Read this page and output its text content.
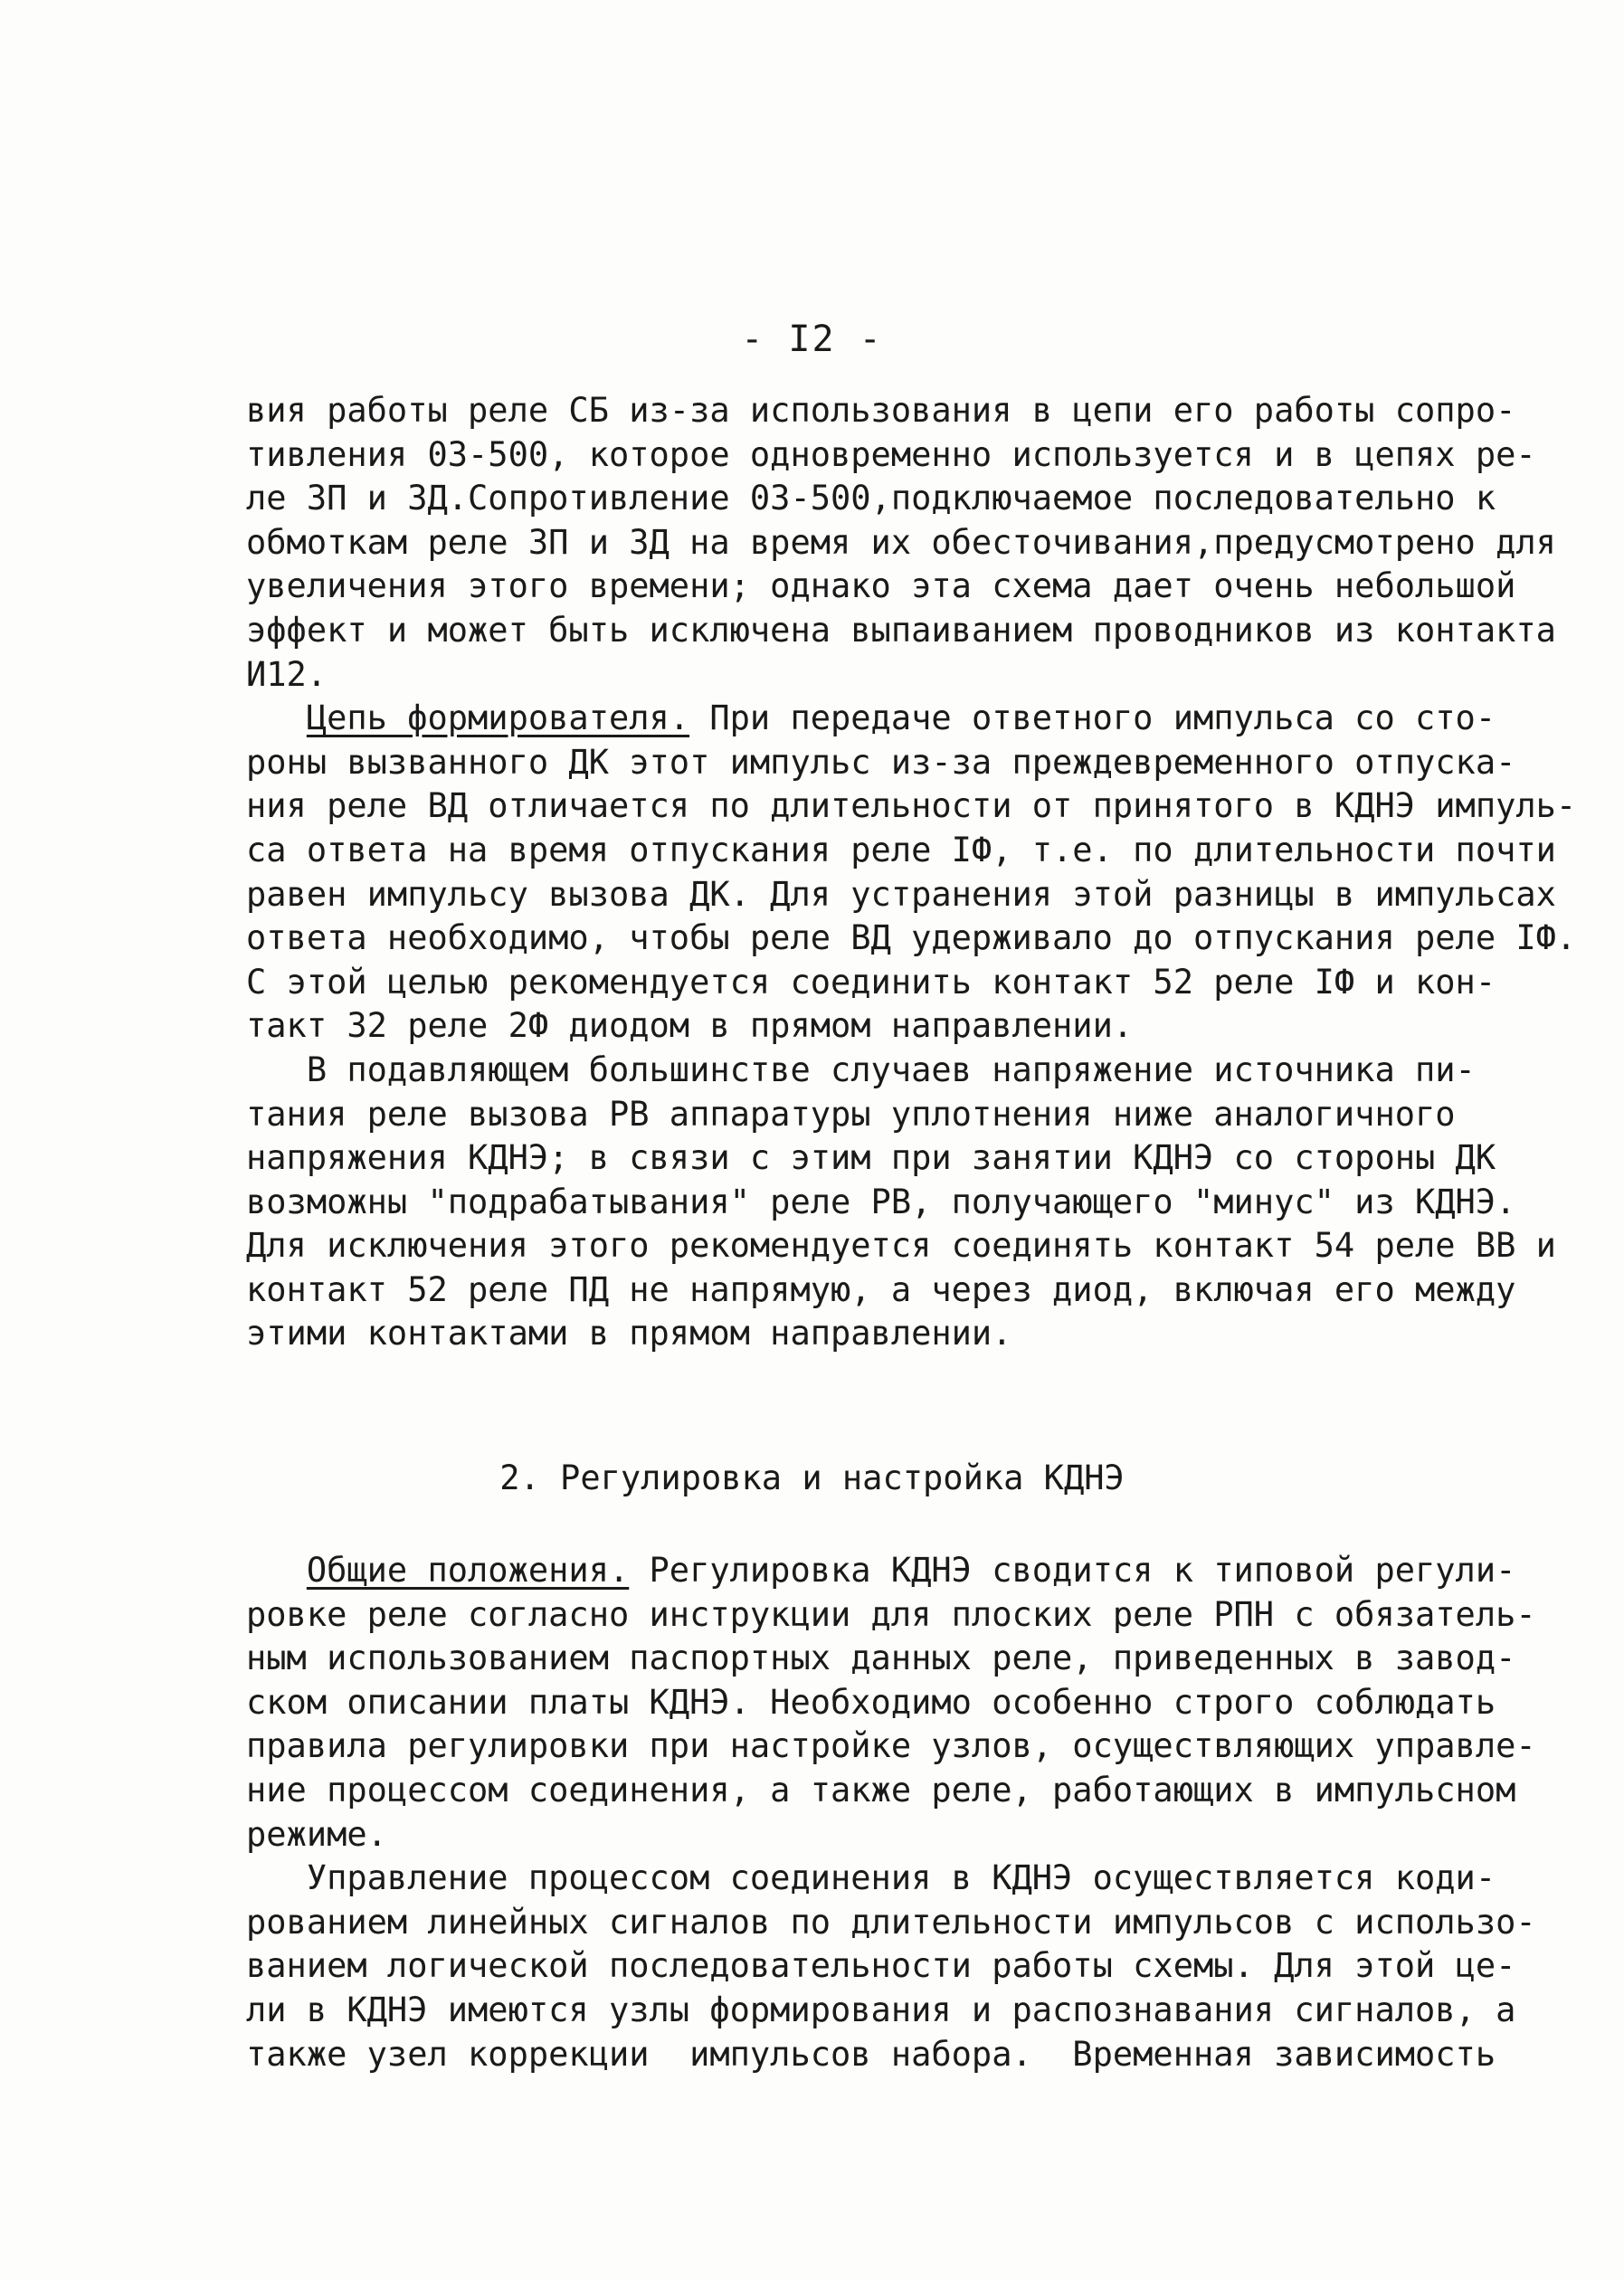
- I2 -
вия работы реле СБ из-за использования в цепи его работы сопро-
тивления 03-500, которое одновременно используется и в цепях ре-
ле ЗП и ЗД.Сопротивление 03-500,подключаемое последовательно к
обмоткам реле ЗП и ЗД на время их обесточивания,предусмотрено для
увеличения этого времени; однако эта схема дает очень небольшой
эффект и может быть исключена выпаиванием проводников из контакта
И12.
Цепь формирователя. При передаче ответного импульса со сто-
роны вызванного ДК этот импульс из-за преждевременного отпуска-
ния реле ВД отличается по длительности от принятого в КДНЭ импуль-
са ответа на время отпускания реле IФ, т.е. по длительности почти
равен импульсу вызова ДК. Для устранения этой разницы в импульсах
ответа необходимо, чтобы реле ВД удерживало до отпускания реле IФ.
С этой целью рекомендуется соединить контакт 52 реле IФ и кон-
такт 32 реле 2Ф диодом в прямом направлении.
В подавляющем большинстве случаев напряжение источника пи-
тания реле вызова РВ аппаратуры уплотнения ниже аналогичного
напряжения КДНЭ; в связи с этим при занятии КДНЭ со стороны ДК
возможны "подрабатывания" реле РВ, получающего "минус" из КДНЭ.
Для исключения этого рекомендуется соединять контакт 54 реле ВВ и
контакт 52 реле ПД не напрямую, а через диод, включая его между
этими контактами в прямом направлении.
2. Регулировка и настройка КДНЭ
Общие положения. Регулировка КДНЭ сводится к типовой регули-
ровке реле согласно инструкции для плоских реле РПН с обязатель-
ным использованием паспортных данных реле, приведенных в завод-
ском описании платы КДНЭ. Необходимо особенно строго соблюдать
правила регулировки при настройке узлов, осуществляющих управле-
ние процессом соединения, а также реле, работающих в импульсном
режиме.
Управление процессом соединения в КДНЭ осуществляется коди-
рованием линейных сигналов по длительности импульсов с использо-
ванием логической последовательности работы схемы. Для этой це-
ли в КДНЭ имеются узлы формирования и распознавания сигналов, а
также узел коррекции  импульсов набора.  Временная зависимость
